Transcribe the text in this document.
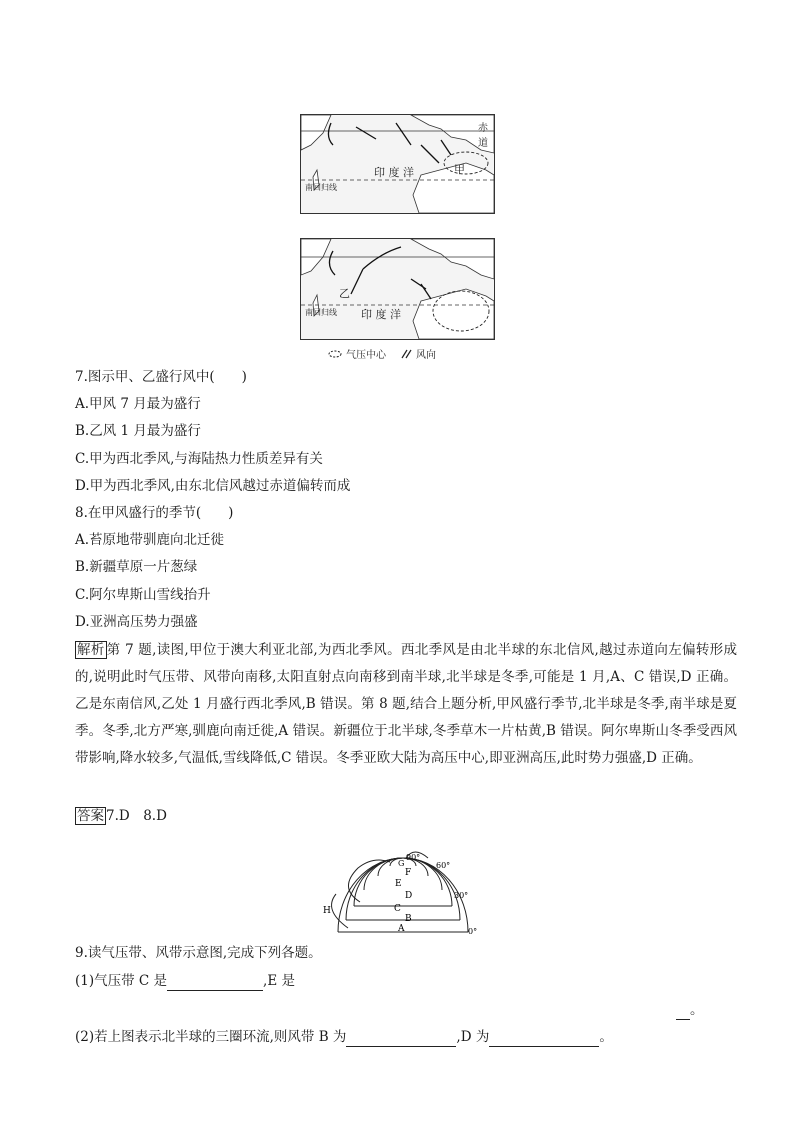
赤道
印 度 洋	甲
南回归线
乙
印 度 洋
南回归线
气压中心	风向
7.图示甲、乙盛行风中(　　)
A.甲风 7 月最为盛行
B.乙风 1 月最为盛行
C.甲为西北季风,与海陆热力性质差异有关
D.甲为西北季风,由东北信风越过赤道偏转而成
8.在甲风盛行的季节(　　)
A.苔原地带驯鹿向北迁徙
B.新疆草原一片葱绿
C.阿尔卑斯山雪线抬升
D.亚洲高压势力强盛
解析 第 7 题,读图,甲位于澳大利亚北部,为西北季风。西北季风是由北半球的东北信风,越过赤道向左偏转形成的,说明此时气压带、风带向南移,太阳直射点向南移到南半球,北半球是冬季,可能是 1 月,A、C 错误,D 正确。乙是东南信风,乙处 1 月盛行西北季风,B 错误。第 8 题,结合上题分析,甲风盛行季节,北半球是冬季,南半球是夏季。冬季,北方严寒,驯鹿向南迁徙,A 错误。新疆位于北半球,冬季草木一片枯黄,B 错误。阿尔卑斯山冬季受西风带影响,降水较多,气温低,雪线降低,C 错误。冬季亚欧大陆为高压中心,即亚洲高压,此时势力强盛,D 正确。
答案 7.D　8.D
A
B
C
D
E
F
G
H
90°
60°
30°
0°
9.读气压带、风带示意图,完成下列各题。
(1)气压带 C 是	,E 是
。
(2)若上图表示北半球的三圈环流,则风带 B 为	,D 为	。
